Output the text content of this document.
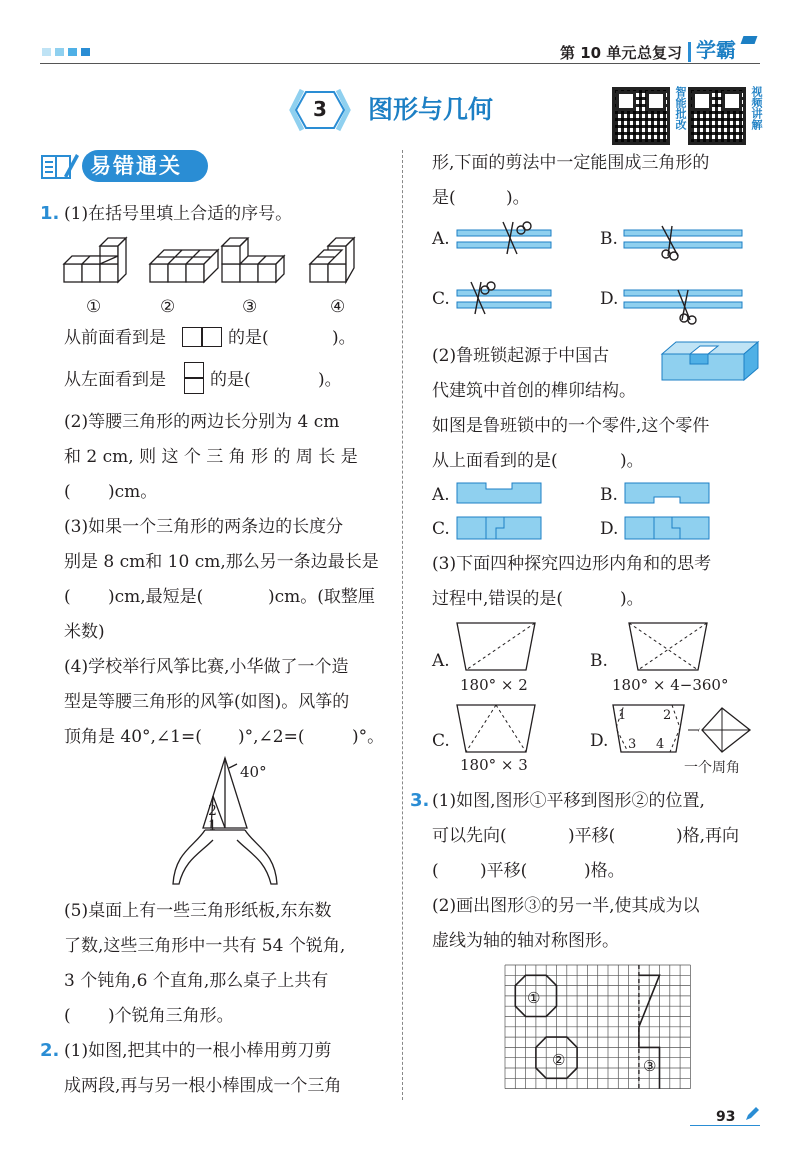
第 10 单元 总复习 学霸
3 图形与几何	智能批改	视频讲解
易错通关
1. (1)在括号里填上合适的序号。
①	②	③	④
从前面看到是	的是(	)。
从左面看到是	的是(	)。
(2)等腰三角形的两边长分别为 4 cm
和 2 cm, 则 这 个 三 角 形 的 周 长 是
( )cm。
(3)如果一个三角形的两条边的长度分
别是 8 cm和 10 cm,那么另一条边最长是
( )cm,最短是(	)cm。(取整厘
米数)
(4)学校举行风筝比赛,小华做了一个造
型是等腰三角形的风筝(如图)。风筝的
顶角是 40°,∠1=( )°,∠2=(	)°。
40°
2
1
(5)桌面上有一些三角形纸板,东东数
了数,这些三角形中一共有 54 个锐角,
3 个钝角,6 个直角,那么桌子上共有
( )个锐角三角形。
2. (1)如图,把其中的一根小棒用剪刀剪
成两段,再与另一根小棒围成一个三角
形,下面的剪法中一定能围成三角形的
是(	)。
A.	B.
C.	D.
(2)鲁班锁起源于中国古
代建筑中首创的榫卯结构。
如图是鲁班锁中的一个零件,这个零件
从上面看到的是(	)。
A.	B.
C.	D.
(3)下面四种探究四边形内角和的思考
过程中,错误的是(	)。
A.
180° × 2
B.
180° × 4−360°
C.
180° × 3
D.
1	2
3 4
一个周角
3. (1)如图,图形①平移到图形②的位置,
可以先向(	)平移(	)格,再向
( )平移(	)格。
(2)画出图形③的另一半,使其成为以
虚线为轴的轴对称图形。
①
②	③
93
